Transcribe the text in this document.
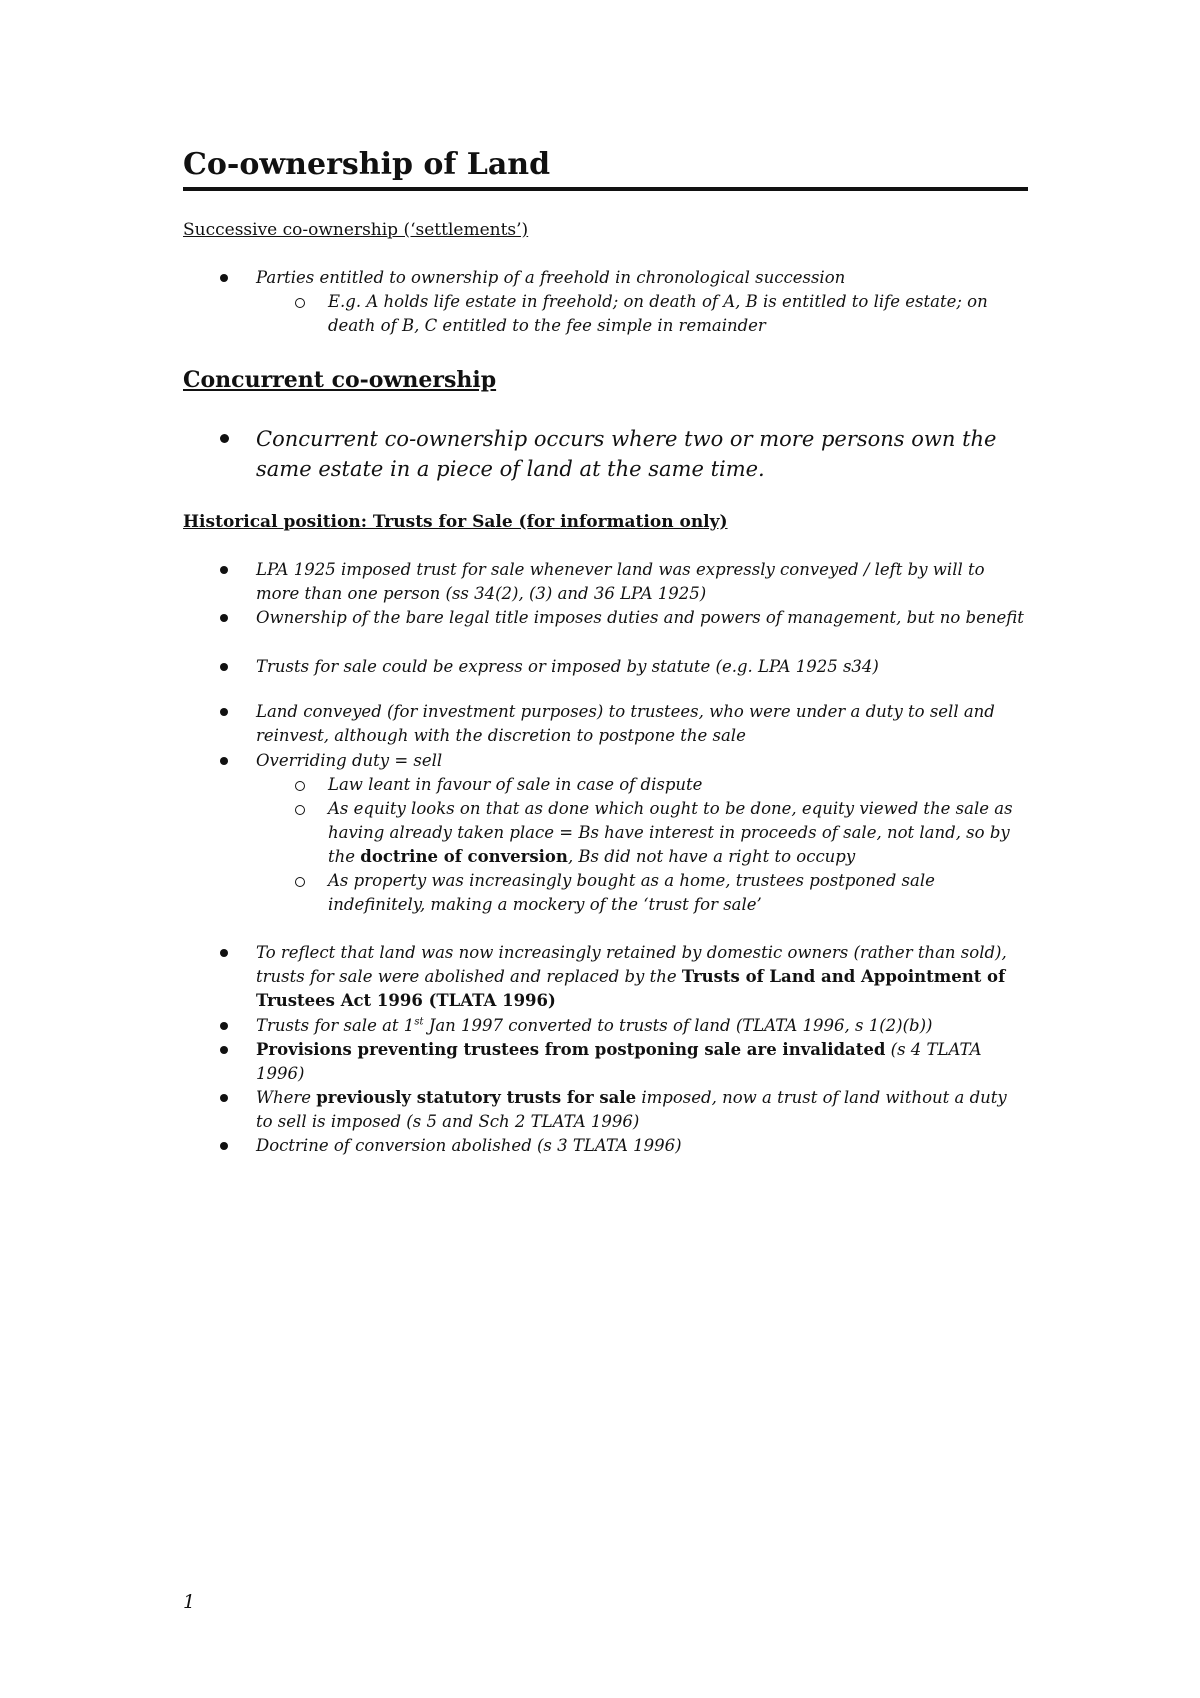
Co-ownership of Land
Successive co-ownership (‘settlements’)
Parties entitled to ownership of a freehold in chronological succession
E.g. A holds life estate in freehold; on death of A, B is entitled to life estate; on death of B, C entitled to the fee simple in remainder
Concurrent co-ownership
Concurrent co-ownership occurs where two or more persons own the same estate in a piece of land at the same time.
Historical position: Trusts for Sale (for information only)
LPA 1925 imposed trust for sale whenever land was expressly conveyed / left by will to more than one person (ss 34(2), (3) and 36 LPA 1925)
Ownership of the bare legal title imposes duties and powers of management, but no benefit
Trusts for sale could be express or imposed by statute (e.g. LPA 1925 s34)
Land conveyed (for investment purposes) to trustees, who were under a duty to sell and reinvest, although with the discretion to postpone the sale
Overriding duty = sell
Law leant in favour of sale in case of dispute
As equity looks on that as done which ought to be done, equity viewed the sale as having already taken place = Bs have interest in proceeds of sale, not land, so by the doctrine of conversion, Bs did not have a right to occupy
As property was increasingly bought as a home, trustees postponed sale indefinitely, making a mockery of the ‘trust for sale’
To reflect that land was now increasingly retained by domestic owners (rather than sold), trusts for sale were abolished and replaced by the Trusts of Land and Appointment of Trustees Act 1996 (TLATA 1996)
Trusts for sale at 1st Jan 1997 converted to trusts of land (TLATA 1996, s 1(2)(b))
Provisions preventing trustees from postponing sale are invalidated (s 4 TLATA 1996)
Where previously statutory trusts for sale imposed, now a trust of land without a duty to sell is imposed (s 5 and Sch 2 TLATA 1996)
Doctrine of conversion abolished (s 3 TLATA 1996)
1
